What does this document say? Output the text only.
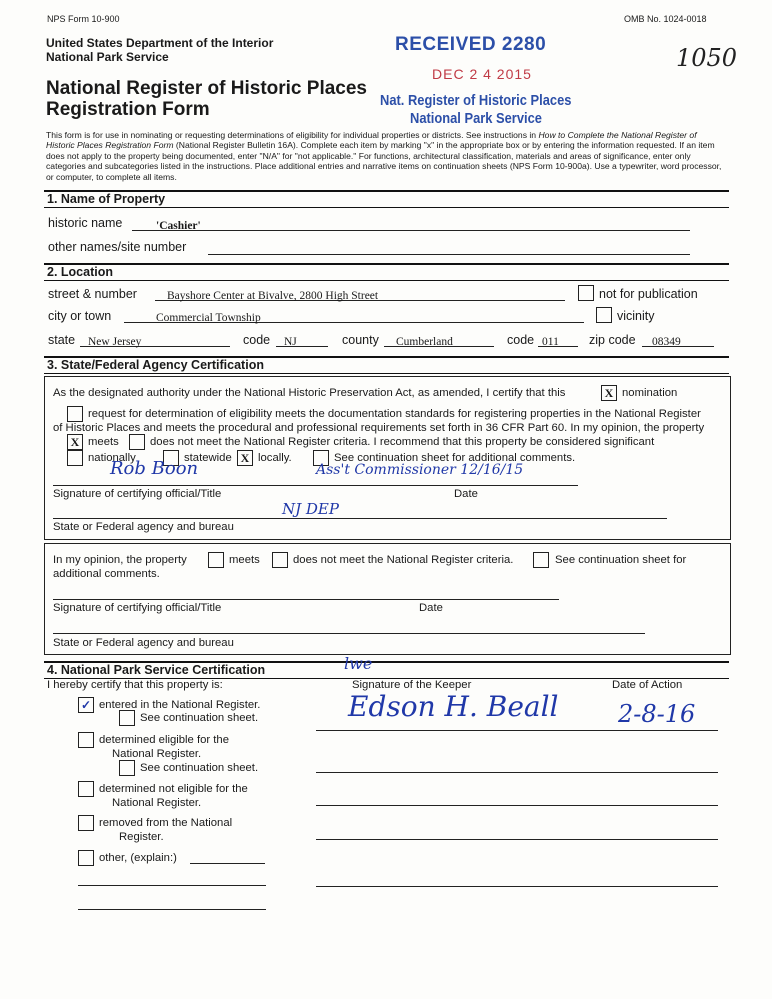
NPS Form 10-900	OMB No. 1024-0018
United States Department of the Interior
National Park Service
National Register of Historic Places
Registration Form
1050
RECEIVED 2280
DEC 2 4 2015
Nat. Register of Historic Places
National Park Service
This form is for use in nominating or requesting determinations of eligibility for individual properties or districts. See instructions in How to Complete the National Register of Historic Places Registration Form (National Register Bulletin 16A). Complete each item by marking "x" in the appropriate box or by entering the information requested. If an item does not apply to the property being documented, enter "N/A" for "not applicable." For functions, architectural classification, materials and areas of significance, enter only categories and subcategories listed in the instructions. Place additional entries and narrative items on continuation sheets (NPS Form 10-900a). Use a typewriter, word processor, or computer, to complete all items.
1. Name of Property
historic name	'Cashier'
other names/site number
2. Location
street & number	Bayshore Center at Bivalve, 2800 High Street	not for publication
city or town	Commercial Township	vicinity
state	New Jersey	code	NJ	county	Cumberland	code 011	zip code	08349
3. State/Federal Agency Certification
As the designated authority under the National Historic Preservation Act, as amended, I certify that this	X nomination
request for determination of eligibility meets the documentation standards for registering properties in the National Register
of Historic Places and meets the procedural and professional requirements set forth in 36 CFR Part 60. In my opinion, the property
X meets	does not meet the National Register criteria. I recommend that this property be considered significant
nationally	statewide X locally.	See continuation sheet for additional comments.
Rob Boon	Ass't Commissioner 12/16/15
Signature of certifying official/Title	Date
NJ DEP
State or Federal agency and bureau
In my opinion, the property	meets	does not meet the National Register criteria.	See continuation sheet for
additional comments.
Signature of certifying official/Title	Date
State or Federal agency and bureau
4. National Park Service Certification
I hereby certify that this property is:	Signature of the Keeper	Date of Action
lwe
Edson H. Beall 2-8-16
✓ entered in the National Register.
See continuation sheet.
determined eligible for the
National Register.
See continuation sheet.
determined not eligible for the
National Register.
removed from the National
Register.
other, (explain:)
